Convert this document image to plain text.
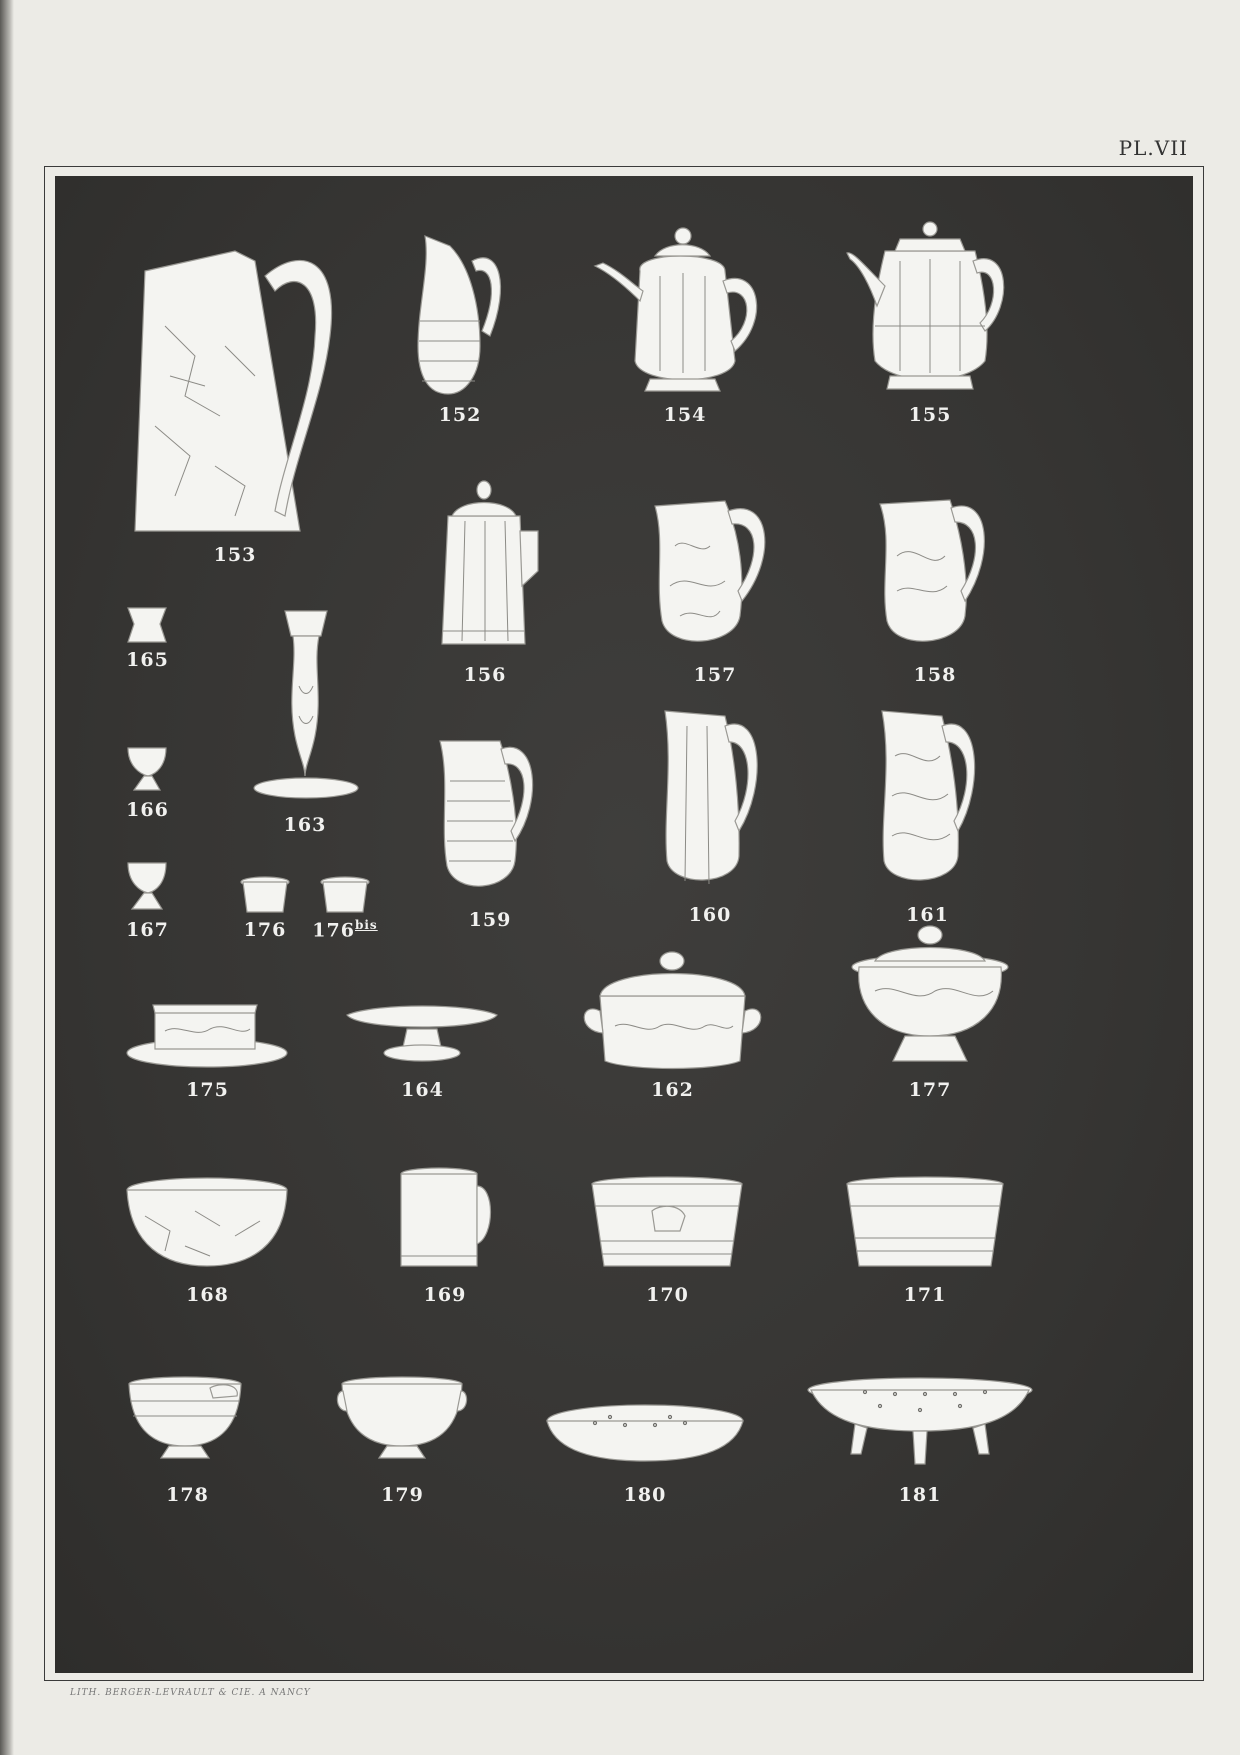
PL.VII
153
152	154	155
156	157	158
165
163
166
159	160	161
167	176	$176^{bis}$
175	164	162	177
168	169	170	171
178	179	180	181
LITH. BERGER-LEVRAULT & CIE. A NANCY
